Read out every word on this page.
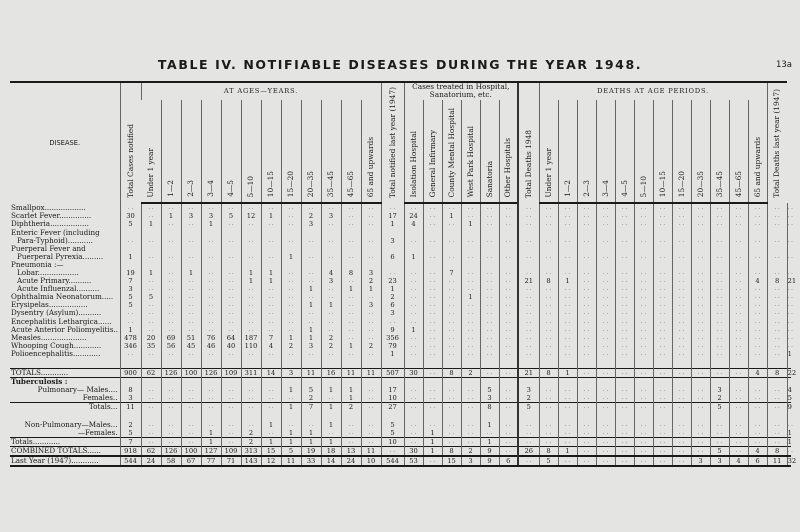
TABLE IV. NOTIFIABLE DISEASES DURING THE YEAR 1948.	13a
DISEASE.	Total Cases notified	AT AGES—YEARS.												Total notified last year (1947)	Cases treated in Hospital, Sanatorium, etc.						Total Deaths 1948	DEATHS AT AGE PERIODS.												Total Deaths last year (1947)	
		Under 1 year	1—2	2—3	3—4	4—5	5—10	10—15	15—20	20—35	35—45	45—65	65 and upwards		Isolation Hospital	General Infirmary	County Mental Hospital	West Park Hospital	Sanatoria	Other Hospitals		Under 1 year	1—2	2—3	3—4	4—5	5—10	10—15	15—20	20—35	35—45	45—65	65 and upwards		
Smallpox..................	. .	. .	. .	. .	. .	. .	. .	. .	. .	. .	. .	. .	. .	. .	. .	. .	. .	. .	. .	. .	. .	. .	. .	. .	. .	. .	. .	. .	. .	. .	. .	. .	. .	. .	. .
Scarlet Fever..............	30	. .	1	3	3	5	12	1	. .	2	3	. .	. .	17	24	. .	1	. .	. .	. .	. .	. .	. .	. .	. .	. .	. .	. .	. .	. .	. .	. .	. .	. .	. .
Diphtheria.................	5	1	. .	. .	1	. .	. .	. .	. .	3	. .	. .	. .	1	4	. .	. .	1	. .	. .	. .	. .	. .	. .	. .	. .	. .	. .	. .	. .	. .	. .	. .	. .	. .
Enteric Fever (including																																			
Para-Typhoid)...........	. .	. .	. .	. .	. .	. .	. .	. .	. .	. .	. .	. .	. .	3	. .	. .	. .	. .	. .	. .	. .	. .	. .	. .	. .	. .	. .	. .	. .	. .	. .	. .	. .	. .	. .
Puerperal Fever and																																			
Puerperal Pyrexia.........	1	. .	. .	. .	. .	. .	. .	. .	1	. .	. .	. .	. .	6	1	. .	. .	. .	. .	. .	. .	. .	. .	. .	. .	. .	. .	. .	. .	. .	. .	. .	. .	. .	. .
Pneumonia :—																																			
Lobar..................	19	1	. .	1	. .	. .	1	1	. .	. .	4	8	3	. .	. .	. .	7	. .	. .	. .	. .	. .	. .	. .	. .	. .	. .	. .	. .	. .	. .	. .	. .	. .	. .
Acute Primary..........	7	. .	. .	. .	. .	. .	1	1	. .	. .	3	. .	2	23	. .	. .	. .	. .	. .	. .	21	8	1	. .	. .	. .	. .	. .	. .	. .	. .	. .	4	8	21
Acute Influenzal..........	3	. .	. .	. .	. .	. .	. .	. .	. .	1	. .	1	1	1	. .	. .	. .	. .	. .	. .	. .	. .	. .	. .	. .	. .	. .	. .	. .	. .	. .	. .	. .	. .	. .
Ophthalmia Neonatorum.....	5	5	. .	. .	. .	. .	. .	. .	. .	. .	. .	. .	. .	2	. .	. .	. .	1	. .	. .	. .	. .	. .	. .	. .	. .	. .	. .	. .	. .	. .	. .	. .	. .	. .
Erysipelas.................	5	. .	. .	. .	. .	. .	. .	. .	. .	1	1	. .	3	6	. .	. .	. .	. .	. .	. .	. .	. .	. .	. .	. .	. .	. .	. .	. .	. .	. .	. .	. .	. .	. .
Dysentry (Asylum)..........	. .	. .	. .	. .	. .	. .	. .	. .	. .	. .	. .	. .	. .	3	. .	. .	. .	. .	. .	. .	. .	. .	. .	. .	. .	. .	. .	. .	. .	. .	. .	. .	. .	. .	. .
Encephalitis Lethargica......	. .	. .	. .	. .	. .	. .	. .	. .	. .	. .	. .	. .	. .	. .	. .	. .	. .	. .	. .	. .	. .	. .	. .	. .	. .	. .	. .	. .	. .	. .	. .	. .	. .	. .	. .
Acute Anterior Poliomyelitis..	1	. .	. .	. .	. .	. .	. .	. .	. .	1	. .	. .	. .	9	1	. .	. .	. .	. .	. .	. .	. .	. .	. .	. .	. .	. .	. .	. .	. .	. .	. .	. .	. .	. .
Measles....................	478	20	69	51	76	64	187	7	1	1	2	. .	. .	356	. .	. .	. .	. .	. .	. .	. .	. .	. .	. .	. .	. .	. .	. .	. .	. .	. .	. .	. .	. .	. .
Whooping Cough............	346	35	56	45	46	40	110	4	2	3	2	1	2	79	. .	. .	. .	. .	. .	. .	. .	. .	. .	. .	. .	. .	. .	. .	. .	. .	. .	. .	. .	. .	. .
Polioencephalitis............	. .	. .	. .	. .	. .	. .	. .	. .	. .	. .	. .	. .	. .	1	. .	. .	. .	. .	. .	. .	. .	. .	. .	. .	. .	. .	. .	. .	. .	. .	. .	. .	. .	. .	1

TOTALS............	900	62	126	100	126	109	311	14	3	11	16	11	11	507	30	. .	8	2	. .	. .	21	8	1	. .	. .	. .	. .	. .	. .	. .	. .	. .	4	8	22
Tuberculosis :																																			
Pulmonary— Males....	8	. .	. .	. .	. .	. .	. .	. .	1	5	1	1	. .	17	. .	. .	. .	. .	5	. .	3	. .	. .	. .	. .	. .	. .	. .	. .	. .	3	. .	. .	. .	4
Females..	3	. .	. .	. .	. .	. .	. .	. .	. .	2	. .	1	. .	10	. .	. .	. .	. .	3	. .	2	. .	. .	. .	. .	. .	. .	. .	. .	. .	2	. .	. .	. .	5
Totals...	11	. .	. .	. .	. .	. .	. .	. .	1	7	1	2	. .	27	. .	. .	. .	. .	8	. .	5	. .	. .	. .	. .	. .	. .	. .	. .	. .	5	. .	. .	. .	9

Non-Pulmonary—Males...	2	. .	. .	. .	. .	. .	. .	1	. .	. .	1	. .	. .	5	. .	. .	. .	. .	1	. .	. .	. .	. .	. .	. .	. .	. .	. .	. .	. .	. .	. .	. .	. .	. .
—Females.	5	. .	. .	. .	1	. .	2	. .	1	1	. .	. .	. .	5	. .	1	. .	. .	. .	. .	. .	. .	. .	. .	. .	. .	. .	. .	. .	. .	. .	. .	. .	. .	1
Totals............	7	. .	. .	. .	1	. .	2	1	1	1	1	. .	. .	10	. .	1	. .	. .	1	. .	. .	. .	. .	. .	. .	. .	. .	. .	. .	. .	. .	. .	. .	. .	1
COMBINED TOTALS......	918	62	126	100	127	109	313	15	5	19	18	13	11	. .	30	1	8	2	9	. .	26	8	1	. .	. .	. .	. .	. .	. .	. .	5	. .	4	8	. .
Last Year (1947)............	544	24	58	67	77	71	143	12	11	33	14	24	10	544	53	. .	15	3	9	6	. .	5	. .	. .	. .	. .	. .	. .	. .	3	3	4	6	11	32
